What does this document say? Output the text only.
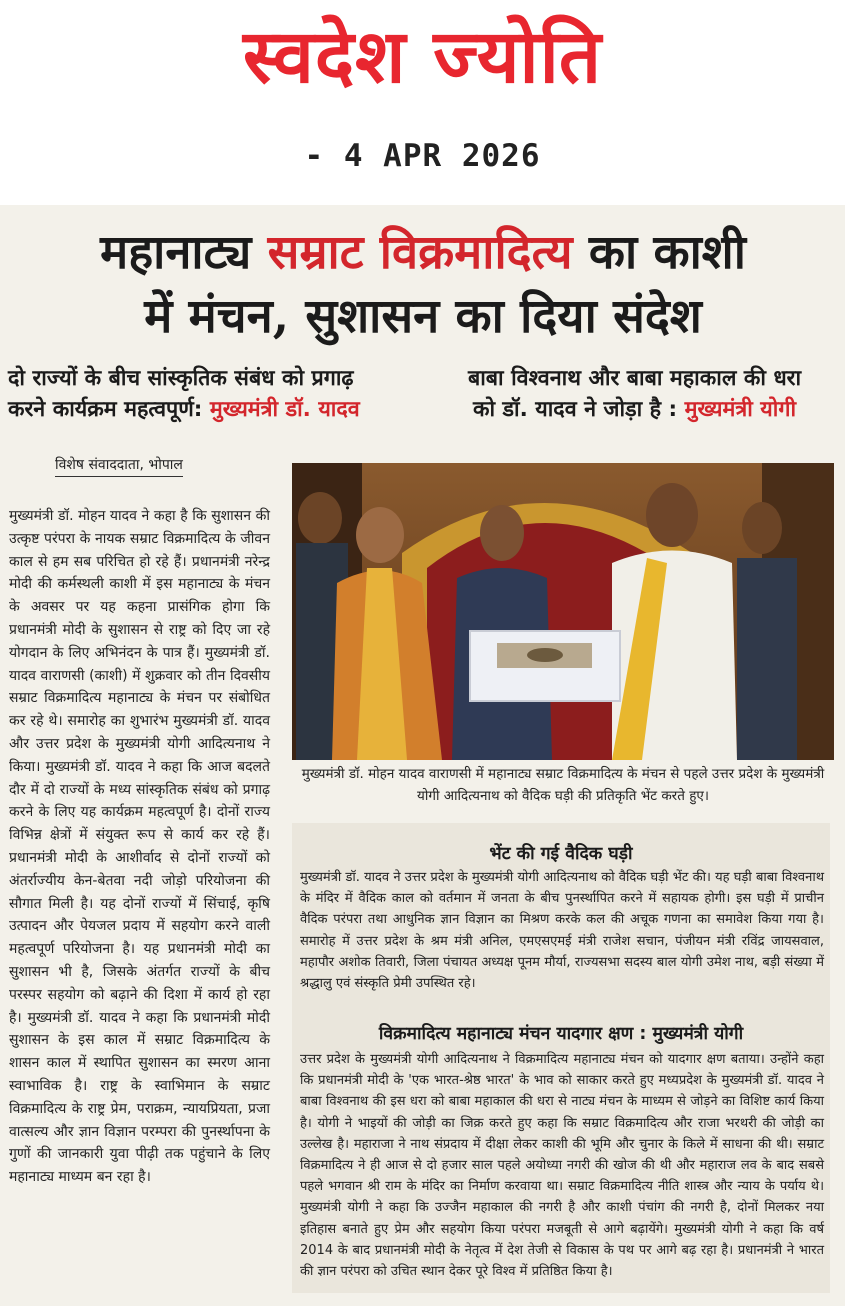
स्वदेश ज्योति
- 4 APR 2026
महानाट्य सम्राट विक्रमादित्य का काशी
में मंचन, सुशासन का दिया संदेश
दो राज्यों के बीच सांस्कृतिक संबंध को प्रगाढ़
करने कार्यक्रम महत्वपूर्ण: मुख्यमंत्री डॉ. यादव
बाबा विश्वनाथ और बाबा महाकाल की धरा
को डॉ. यादव ने जोड़ा है : मुख्यमंत्री योगी
विशेष संवाददाता, भोपाल
मुख्यमंत्री डॉ. मोहन यादव ने कहा है कि सुशासन की उत्कृष्ट परंपरा के नायक सम्राट विक्रमादित्य के जीवन काल से हम सब परिचित हो रहे हैं। प्रधानमंत्री नरेन्द्र मोदी की कर्मस्थली काशी में इस महानाट्य के मंचन के अवसर पर यह कहना प्रासंगिक होगा कि प्रधानमंत्री मोदी के सुशासन से राष्ट्र को दिए जा रहे योगदान के लिए अभिनंदन के पात्र हैं। मुख्यमंत्री डॉ. यादव वाराणसी (काशी) में शुक्रवार को तीन दिवसीय सम्राट विक्रमादित्य महानाट्य के मंचन पर संबोधित कर रहे थे। समारोह का शुभारंभ मुख्यमंत्री डॉ. यादव और उत्तर प्रदेश के मुख्यमंत्री योगी आदित्यनाथ ने किया। मुख्यमंत्री डॉ. यादव ने कहा कि आज बदलते दौर में दो राज्यों के मध्य सांस्कृतिक संबंध को प्रगाढ़ करने के लिए यह कार्यक्रम महत्वपूर्ण है। दोनों राज्य विभिन्न क्षेत्रों में संयुक्त रूप से कार्य कर रहे हैं। प्रधानमंत्री मोदी के आशीर्वाद से दोनों राज्यों को अंतर्राज्यीय केन-बेतवा नदी जोड़ो परियोजना की सौगात मिली है। यह दोनों राज्यों में सिंचाई, कृषि उत्पादन और पेयजल प्रदाय में सहयोग करने वाली महत्वपूर्ण परियोजना है। यह प्रधानमंत्री मोदी का सुशासन भी है, जिसके अंतर्गत राज्यों के बीच परस्पर सहयोग को बढ़ाने की दिशा में कार्य हो रहा है। मुख्यमंत्री डॉ. यादव ने कहा कि प्रधानमंत्री मोदी सुशासन के इस काल में सम्राट विक्रमादित्य के शासन काल में स्थापित सुशासन का स्मरण आना स्वाभाविक है। राष्ट्र के स्वाभिमान के सम्राट विक्रमादित्य के राष्ट्र प्रेम, पराक्रम, न्यायप्रियता, प्रजा वात्सल्य और ज्ञान विज्ञान परम्परा की पुनर्स्थापना के गुणों की जानकारी युवा पीढ़ी तक पहुंचाने के लिए महानाट्य माध्यम बन रहा है।
मुख्यमंत्री डॉ. मोहन यादव वाराणसी में महानाट्य सम्राट विक्रमादित्य के मंचन से पहले उत्तर प्रदेश के मुख्यमंत्री योगी आदित्यनाथ को वैदिक घड़ी की प्रतिकृति भेंट करते हुए।
भेंट की गई वैदिक घड़ी
मुख्यमंत्री डॉ. यादव ने उत्तर प्रदेश के मुख्यमंत्री योगी आदित्यनाथ को वैदिक घड़ी भेंट की। यह घड़ी बाबा विश्वनाथ के मंदिर में वैदिक काल को वर्तमान में जनता के बीच पुनर्स्थापित करने में सहायक होगी। इस घड़ी में प्राचीन वैदिक परंपरा तथा आधुनिक ज्ञान विज्ञान का मिश्रण करके कल की अचूक गणना का समावेश किया गया है। समारोह में उत्तर प्रदेश के श्रम मंत्री अनिल, एमएसएमई मंत्री राजेश सचान, पंजीयन मंत्री रविंद्र जायसवाल, महापौर अशोक तिवारी, जिला पंचायत अध्यक्ष पूनम मौर्या, राज्यसभा सदस्य बाल योगी उमेश नाथ, बड़ी संख्या में श्रद्धालु एवं संस्कृति प्रेमी उपस्थित रहे।
विक्रमादित्य महानाट्य मंचन यादगार क्षण : मुख्यमंत्री योगी
उत्तर प्रदेश के मुख्यमंत्री योगी आदित्यनाथ ने विक्रमादित्य महानाट्य मंचन को यादगार क्षण बताया। उन्होंने कहा कि प्रधानमंत्री मोदी के 'एक भारत-श्रेष्ठ भारत' के भाव को साकार करते हुए मध्यप्रदेश के मुख्यमंत्री डॉ. यादव ने बाबा विश्वनाथ की इस धरा को बाबा महाकाल की धरा से नाट्य मंचन के माध्यम से जोड़ने का विशिष्ट कार्य किया है। योगी ने भाइयों की जोड़ी का जिक्र करते हुए कहा कि सम्राट विक्रमादित्य और राजा भरथरी की जोड़ी का उल्लेख है। महाराजा ने नाथ संप्रदाय में दीक्षा लेकर काशी की भूमि और चुनार के किले में साधना की थी। सम्राट विक्रमादित्य ने ही आज से दो हजार साल पहले अयोध्या नगरी की खोज की थी और महाराज लव के बाद सबसे पहले भगवान श्री राम के मंदिर का निर्माण करवाया था। सम्राट विक्रमादित्य नीति शास्त्र और न्याय के पर्याय थे। मुख्यमंत्री योगी ने कहा कि उज्जैन महाकाल की नगरी है और काशी पंचांग की नगरी है, दोनों मिलकर नया इतिहास बनाते हुए प्रेम और सहयोग किया परंपरा मजबूती से आगे बढ़ायेंगे। मुख्यमंत्री योगी ने कहा कि वर्ष 2014 के बाद प्रधानमंत्री मोदी के नेतृत्व में देश तेजी से विकास के पथ पर आगे बढ़ रहा है। प्रधानमंत्री ने भारत की ज्ञान परंपरा को उचित स्थान देकर पूरे विश्व में प्रतिष्ठित किया है।
